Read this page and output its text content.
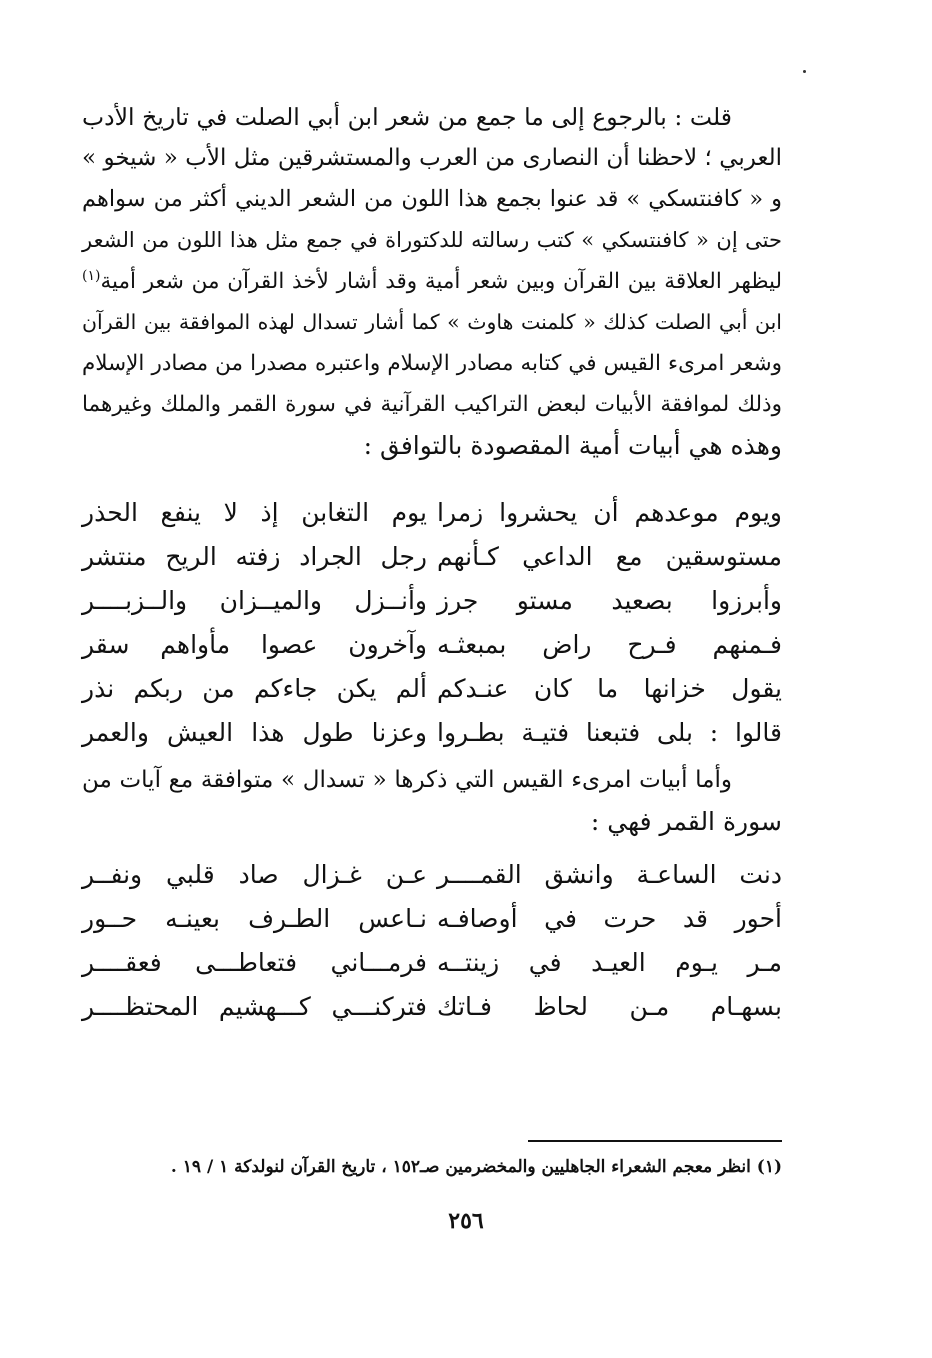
قلت : بالرجوع إلى ما جمع من شعر ابن أبي الصلت في تاريخ الأدب
العربي ؛ لاحظنا أن النصارى من العرب والمستشرقين مثل الأب « شيخو »
و « كافنتسكي » قد عنوا بجمع هذا اللون من الشعر الديني أكثر من سواهم
حتى إن « كافنتسكي » كتب رسالته للدكتوراة في جمع مثل هذا اللون من الشعر
ليظهر العلاقة بين القرآن وبين شعر أمية وقد أشار لأخذ القرآن من شعر أمية$^{(١)}$
ابن أبي الصلت كذلك « كلمنت هاوث » كما أشار تسدال لهذه الموافقة بين القرآن
وشعر امرىء القيس في كتابه مصادر الإسلام واعتبره مصدرا من مصادر الإسلام
وذلك لموافقة الأبيات لبعض التراكيب القرآنية في سورة القمر والملك وغيرهما
وهذه هي أبيات أمية المقصودة بالتوافق :
ويوم موعدهم أن يحشروا زمرا
يوم التغابن إذ لا ينفع الحذر
مستوسقين مع الداعي كـأنهم
رجل الجراد زفته الريح منتشر
وأبرزوا بصعيد مستو جرز
وأنــزل والميــزان والــزبــــر
فـمنهم فـرح راض بمبعثـه
وآخرون عصوا مأواهم سقر
يقول خزانها ما كان عنـدكم
ألم يكن جاءكم من ربكم نذر
قالوا : بلى فتبعنا فتيـة بطـروا
وعزنا طول هذا العيش والعمر
وأما أبيات امرىء القيس التي ذكرها « تسدال » متوافقة مع آيات من
سورة القمر فهي :
دنت الساعـة وانشق القمــــر
عـن غـزال صاد قلبي ونفــر
أحور قد حرت في أوصافـه
نـاعس الطـرف بعينـه حــور
مـر يـوم العيـد في زينتــه
فرمـــاني فتعاطـــى فعقــــر
بسهـام مـن لحاظ فـاتك
فتركنـــي كـــهشيم المحتظــــر
(١) انظر معجم الشعراء الجاهليين والمخضرمين صـ١٥٢ ، تاريخ القرآن لنولدكة ١ / ١٩ .
٢٥٦
